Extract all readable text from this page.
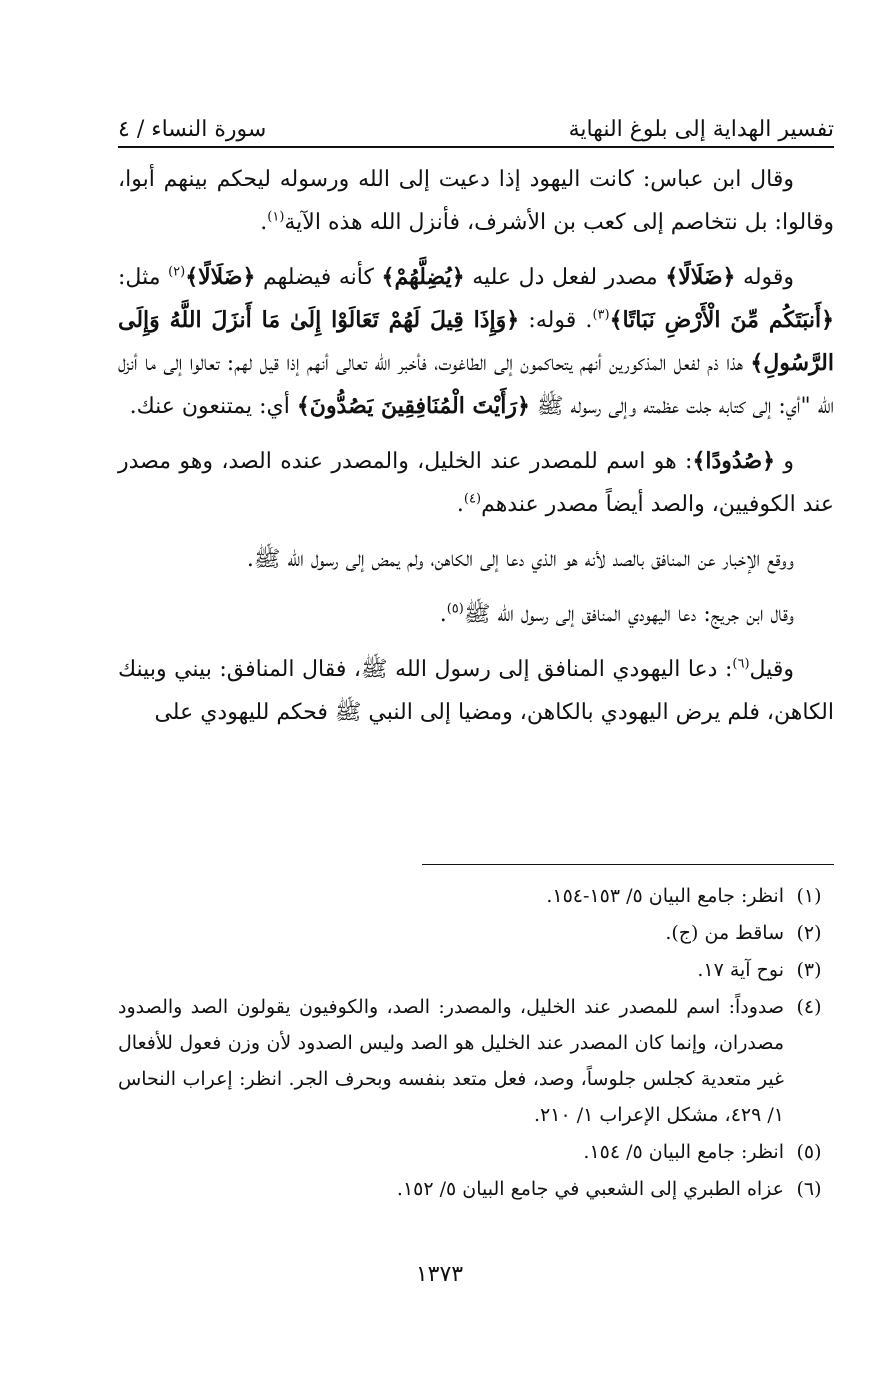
تفسير الهداية إلى بلوغ النهاية
سورة النساء / ٤

وقال ابن عباس: كانت اليهود إذا دعيت إلى الله ورسوله ليحكم بينهم أبوا، وقالوا: بل نتخاصم إلى كعب بن الأشرف، فأنزل الله هذه الآية$^{(١)}$.

وقوله ﴿ضَلَالًا﴾ مصدر لفعل دل عليه ﴿يُضِلَّهُمْ﴾ كأنه فيضلهم ﴿ضَلَالًا﴾$^{(٢)}$ مثل: ﴿أَنبَتَكُم مِّنَ الْأَرْضِ نَبَاتًا﴾$^{(٣)}$. قوله: ﴿وَإِذَا قِيلَ لَهُمْ تَعَالَوْا إِلَىٰ مَا أَنزَلَ اللَّهُ وَإِلَى الرَّسُولِ﴾ هذا ذم لفعل المذكورين أنهم يتحاكمون إلى الطاغوت، فأخبر الله تعالى أنهم إذا قيل لهم: تعالوا إلى ما أنزل الله "أي: إلى كتابه جلت عظمته وإلى رسوله ﷺ ﴿رَأَيْتَ الْمُنَافِقِينَ يَصُدُّونَ﴾ أي: يمتنعون عنك.

و ﴿صُدُودًا﴾: هو اسم للمصدر عند الخليل، والمصدر عنده الصد، وهو مصدر عند الكوفيين، والصد أيضاً مصدر عندهم$^{(٤)}$.

ووقع الإخبار عن المنافق بالصد لأنه هو الذي دعا إلى الكاهن، ولم يمض إلى رسول الله ﷺ.

وقال ابن جريج: دعا اليهودي المنافق إلى رسول الله ﷺ$^{(٥)}$.

وقيل$^{(٦)}$: دعا اليهودي المنافق إلى رسول الله ﷺ، فقال المنافق: بيني وبينك الكاهن، فلم يرض اليهودي بالكاهن، ومضيا إلى النبي ﷺ فحكم لليهودي على

(١)
انظر: جامع البيان ٥/ ١٥٣-١٥٤.
(٢)
ساقط من (ج).
(٣)
نوح آية ١٧.
(٤)
صدوداً: اسم للمصدر عند الخليل، والمصدر: الصد، والكوفيون يقولون الصد والصدود مصدران، وإنما كان المصدر عند الخليل هو الصد وليس الصدود لأن وزن فعول للأفعال غير متعدية كجلس جلوساً، وصد، فعل متعد بنفسه وبحرف الجر. انظر: إعراب النحاس ١/ ٤٢٩، مشكل الإعراب ١/ ٢١٠.
(٥)
انظر: جامع البيان ٥/ ١٥٤.
(٦)
عزاه الطبري إلى الشعبي في جامع البيان ٥/ ١٥٢.
١٣٧٣
